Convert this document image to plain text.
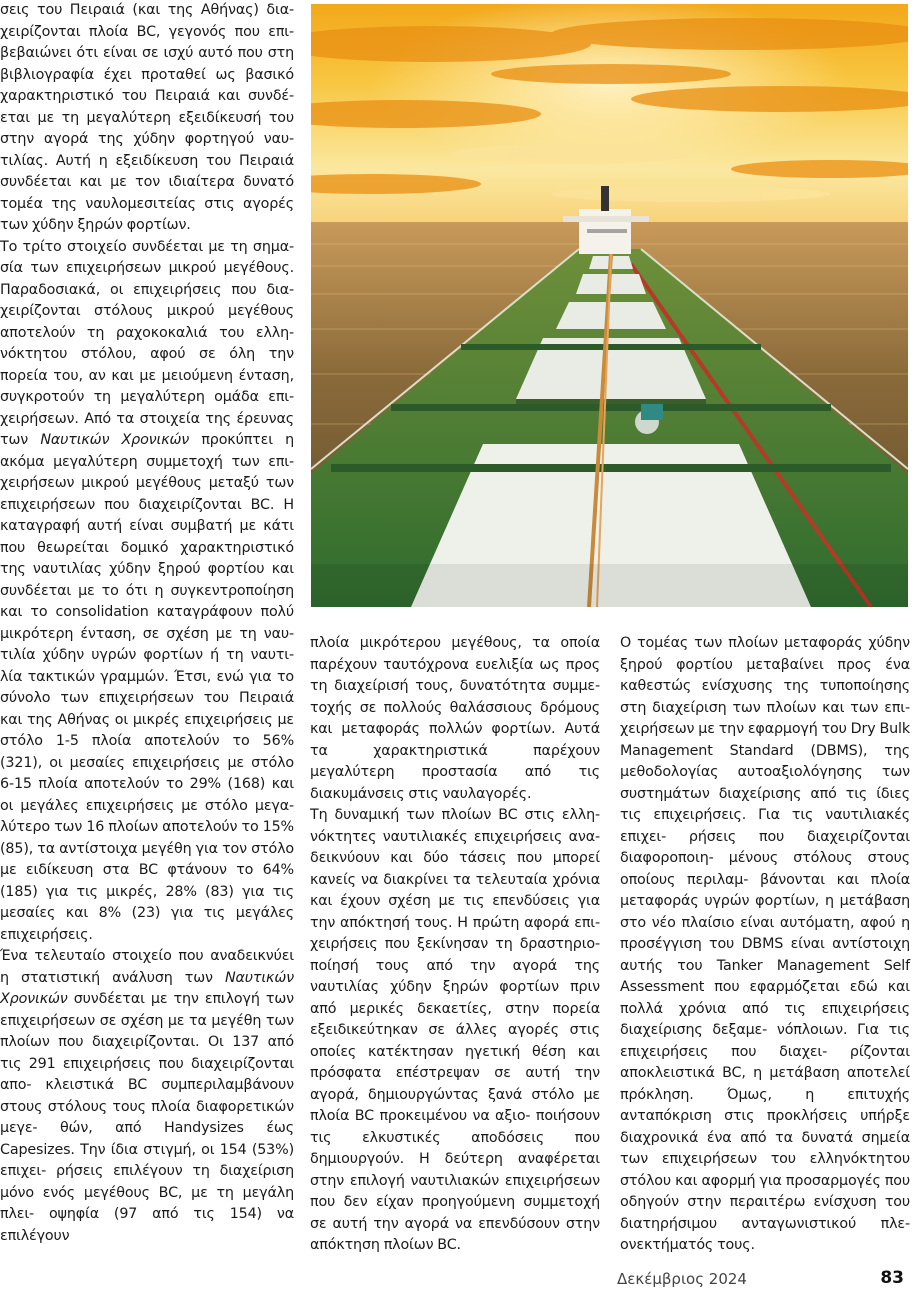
σεις του Πειραιά (και της Αθήνας) δια- χειρίζονται πλοία BC, γεγονός που επι- βεβαιώνει ότι είναι σε ισχύ αυτό που στη βιβλιογραφία έχει προταθεί ως βασικό χαρακτηριστικό του Πειραιά και συνδέ- εται με τη μεγαλύτερη εξειδίκευσή του στην αγορά της χύδην φορτηγού ναυ- τιλίας. Αυτή η εξειδίκευση του Πειραιά συνδέεται και με τον ιδιαίτερα δυνατό τομέα της ναυλομεσιτείας στις αγορές των χύδην ξηρών φορτίων.

Το τρίτο στοιχείο συνδέεται με τη σημα- σία των επιχειρήσεων μικρού μεγέθους. Παραδοσιακά, οι επιχειρήσεις που δια- χειρίζονται στόλους μικρού μεγέθους αποτελούν τη ραχοκοκαλιά του ελλη- νόκτητου στόλου, αφού σε όλη την πορεία του, αν και με μειούμενη ένταση, συγκροτούν τη μεγαλύτερη ομάδα επι- χειρήσεων. Από τα στοιχεία της έρευνας των Ναυτικών Χρονικών προκύπτει η ακόμα μεγαλύτερη συμμετοχή των επι- χειρήσεων μικρού μεγέθους μεταξύ των επιχειρήσεων που διαχειρίζονται BC. Η καταγραφή αυτή είναι συμβατή με κάτι που θεωρείται δομικό χαρακτηριστικό της ναυτιλίας χύδην ξηρού φορτίου και συνδέεται με το ότι η συγκεντροποίηση και το consolidation καταγράφουν πολύ μικρότερη ένταση, σε σχέση με τη ναυ- τιλία χύδην υγρών φορτίων ή τη ναυτι- λία τακτικών γραμμών. Έτσι, ενώ για το σύνολο των επιχειρήσεων του Πειραιά και της Αθήνας οι μικρές επιχειρήσεις με στόλο 1-5 πλοία αποτελούν το 56% (321), οι μεσαίες επιχειρήσεις με στόλο 6-15 πλοία αποτελούν το 29% (168) και οι μεγάλες επιχειρήσεις με στόλο μεγα- λύτερο των 16 πλοίων αποτελούν το 15% (85), τα αντίστοιχα μεγέθη για τον στόλο με ειδίκευση στα BC φτάνουν το 64% (185) για τις μικρές, 28% (83) για τις μεσαίες και 8% (23) για τις μεγάλες επιχειρήσεις.

Ένα τελευταίο στοιχείο που αναδεικνύει η στατιστική ανάλυση των Ναυτικών Χρονικών συνδέεται με την επιλογή των επιχειρήσεων σε σχέση με τα μεγέθη των πλοίων που διαχειρίζονται. Οι 137 από τις 291 επιχειρήσεις που διαχειρίζονται απο- κλειστικά BC συμπεριλαμβάνουν στους στόλους τους πλοία διαφορετικών μεγε- θών, από Handysizes έως Capesizes. Την ίδια στιγμή, οι 154 (53%) επιχει- ρήσεις επιλέγουν τη διαχείριση μόνο ενός μεγέθους BC, με τη μεγάλη πλει- οψηφία (97 από τις 154) να επιλέγουν

πλοία μικρότερου μεγέθους, τα οποία παρέχουν ταυτόχρονα ευελιξία ως προς τη διαχείρισή τους, δυνατότητα συμμε- τοχής σε πολλούς θαλάσσιους δρόμους και μεταφοράς πολλών φορτίων. Αυτά τα χαρακτηριστικά παρέχουν μεγαλύτερη προστασία από τις διακυμάνσεις στις ναυλαγορές.

Τη δυναμική των πλοίων BC στις ελλη- νόκτητες ναυτιλιακές επιχειρήσεις ανα- δεικνύουν και δύο τάσεις που μπορεί κανείς να διακρίνει τα τελευταία χρόνια και έχουν σχέση με τις επενδύσεις για την απόκτησή τους. Η πρώτη αφορά επι- χειρήσεις που ξεκίνησαν τη δραστηριο- ποίησή τους από την αγορά της ναυτιλίας χύδην ξηρών φορτίων πριν από μερικές δεκαετίες, στην πορεία εξειδικεύτηκαν σε άλλες αγορές στις οποίες κατέκτησαν ηγετική θέση και πρόσφατα επέστρεψαν σε αυτή την αγορά, δημιουργώντας ξανά στόλο με πλοία BC προκειμένου να αξιο- ποιήσουν τις ελκυστικές αποδόσεις που δημιουργούν. Η δεύτερη αναφέρεται στην επιλογή ναυτιλιακών επιχειρήσεων που δεν είχαν προηγούμενη συμμετοχή σε αυτή την αγορά να επενδύσουν στην απόκτηση πλοίων BC.

Ο τομέας των πλοίων μεταφοράς χύδην ξηρού φορτίου μεταβαίνει προς ένα καθεστώς ενίσχυσης της τυποποίησης στη διαχείριση των πλοίων και των επι- χειρήσεων με την εφαρμογή του Dry Bulk Management Standard (DBMS), της μεθοδολογίας αυτοαξιολόγησης των συστημάτων διαχείρισης από τις ίδιες τις επιχειρήσεις. Για τις ναυτιλιακές επιχει- ρήσεις που διαχειρίζονται διαφοροποιη- μένους στόλους στους οποίους περιλαμ- βάνονται και πλοία μεταφοράς υγρών φορτίων, η μετάβαση στο νέο πλαίσιο είναι αυτόματη, αφού η προσέγγιση του DBMS είναι αντίστοιχη αυτής του Tanker Management Self Assessment που εφαρμόζεται εδώ και πολλά χρόνια από τις επιχειρήσεις διαχείρισης δεξαμε- νόπλοιων. Για τις επιχειρήσεις που διαχει- ρίζονται αποκλειστικά BC, η μετάβαση αποτελεί πρόκληση. Όμως, η επιτυχής ανταπόκριση στις προκλήσεις υπήρξε διαχρονικά ένα από τα δυνατά σημεία των επιχειρήσεων του ελληνόκτητου στόλου και αφορμή για προσαρμογές που οδηγούν στην περαιτέρω ενίσχυση του διατηρήσιμου ανταγωνιστικού πλε- ονεκτήματός τους.

Δεκέμβριος 2024	83
